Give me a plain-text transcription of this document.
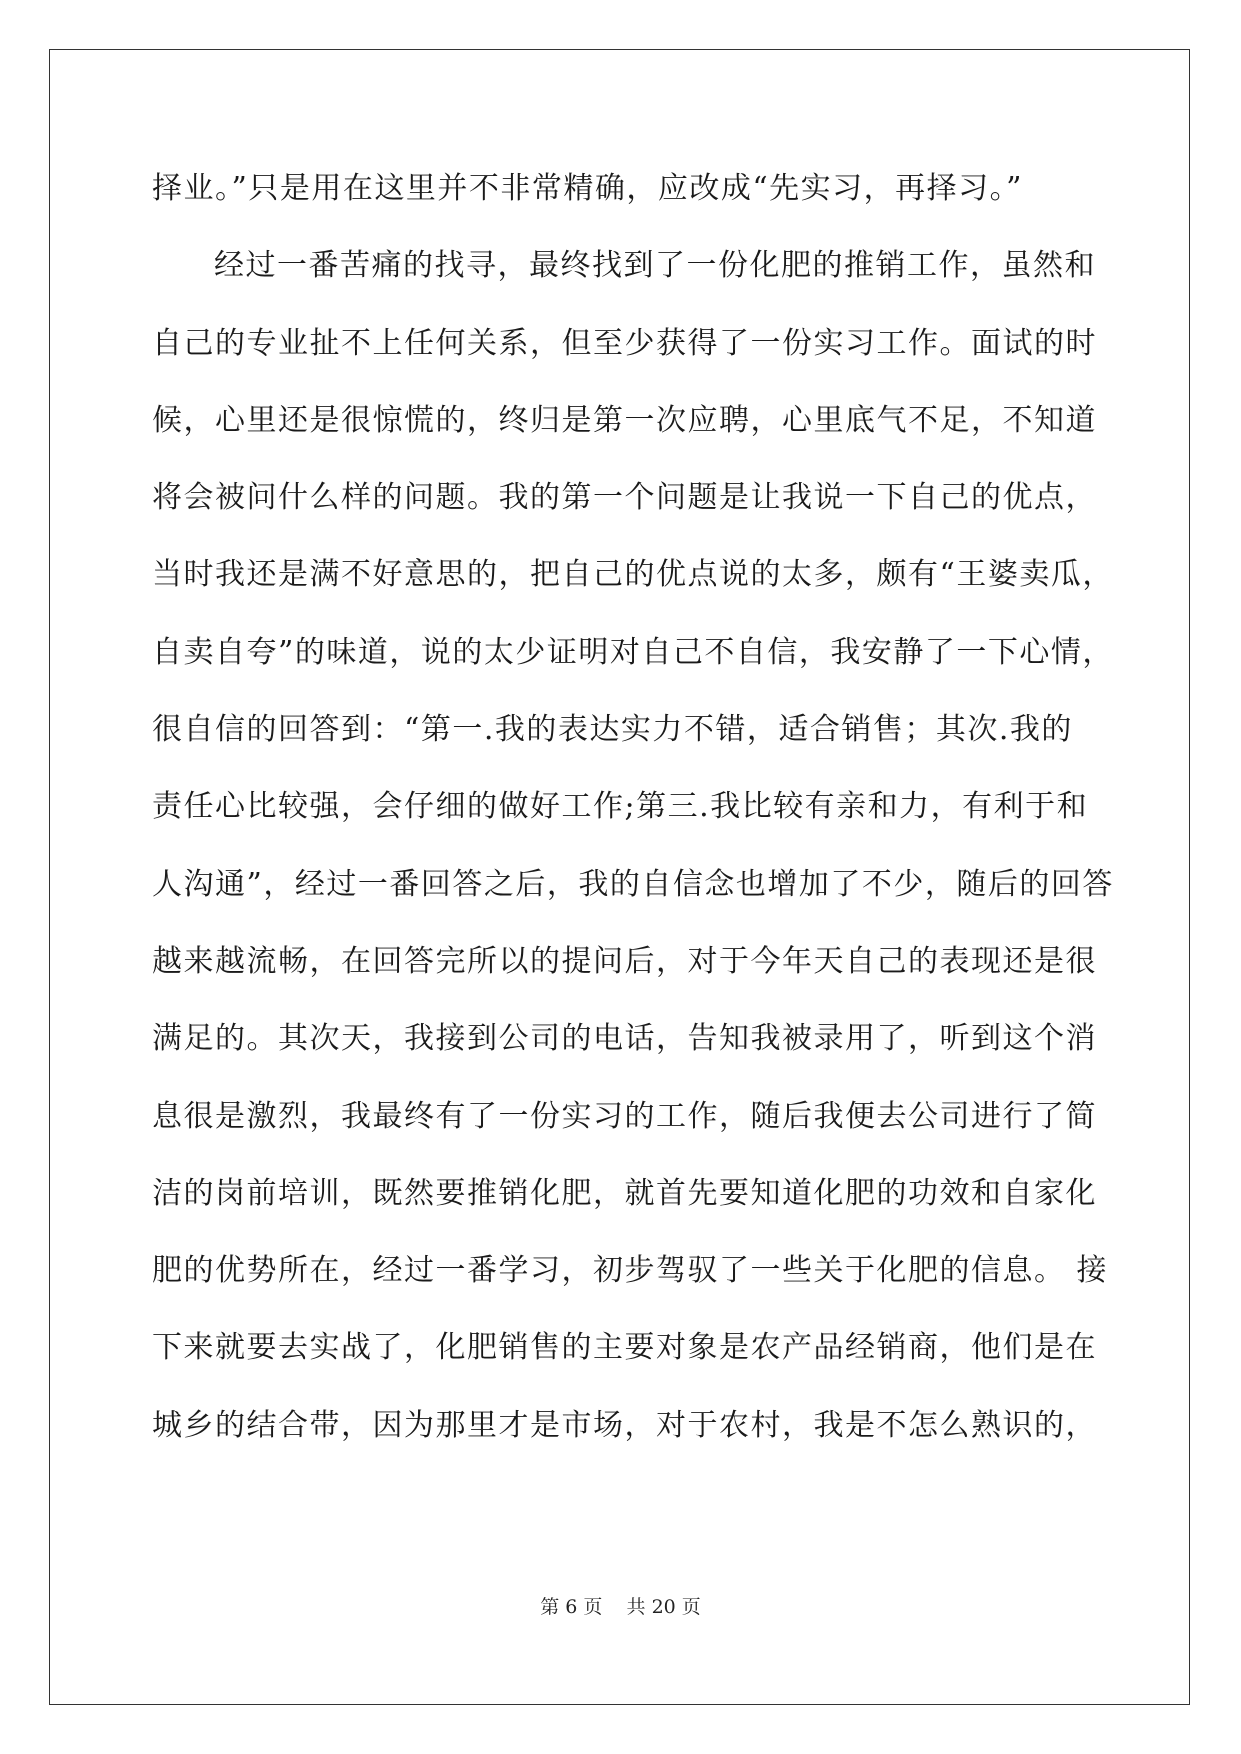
择业。”只是用在这里并不非常精确，应改成“先实习，再择习。”
经过一番苦痛的找寻，最终找到了一份化肥的推销工作，虽然和
自己的专业扯不上任何关系，但至少获得了一份实习工作。面试的时
候，心里还是很惊慌的，终归是第一次应聘，心里底气不足，不知道
将会被问什么样的问题。我的第一个问题是让我说一下自己的优点，
当时我还是满不好意思的，把自己的优点说的太多，颇有“王婆卖瓜，
自卖自夸”的味道，说的太少证明对自己不自信，我安静了一下心情，
很自信的回答到：“第一.我的表达实力不错，适合销售；其次.我的
责任心比较强，会仔细的做好工作;第三.我比较有亲和力，有利于和
人沟通”，经过一番回答之后，我的自信念也增加了不少，随后的回答
越来越流畅，在回答完所以的提问后，对于今年天自己的表现还是很
满足的。其次天，我接到公司的电话，告知我被录用了，听到这个消
息很是激烈，我最终有了一份实习的工作，随后我便去公司进行了简
洁的岗前培训，既然要推销化肥，就首先要知道化肥的功效和自家化
肥的优势所在，经过一番学习，初步驾驭了一些关于化肥的信息。 接
下来就要去实战了，化肥销售的主要对象是农产品经销商，他们是在
城乡的结合带，因为那里才是市场，对于农村，我是不怎么熟识的，
第 6 页    共 20 页
